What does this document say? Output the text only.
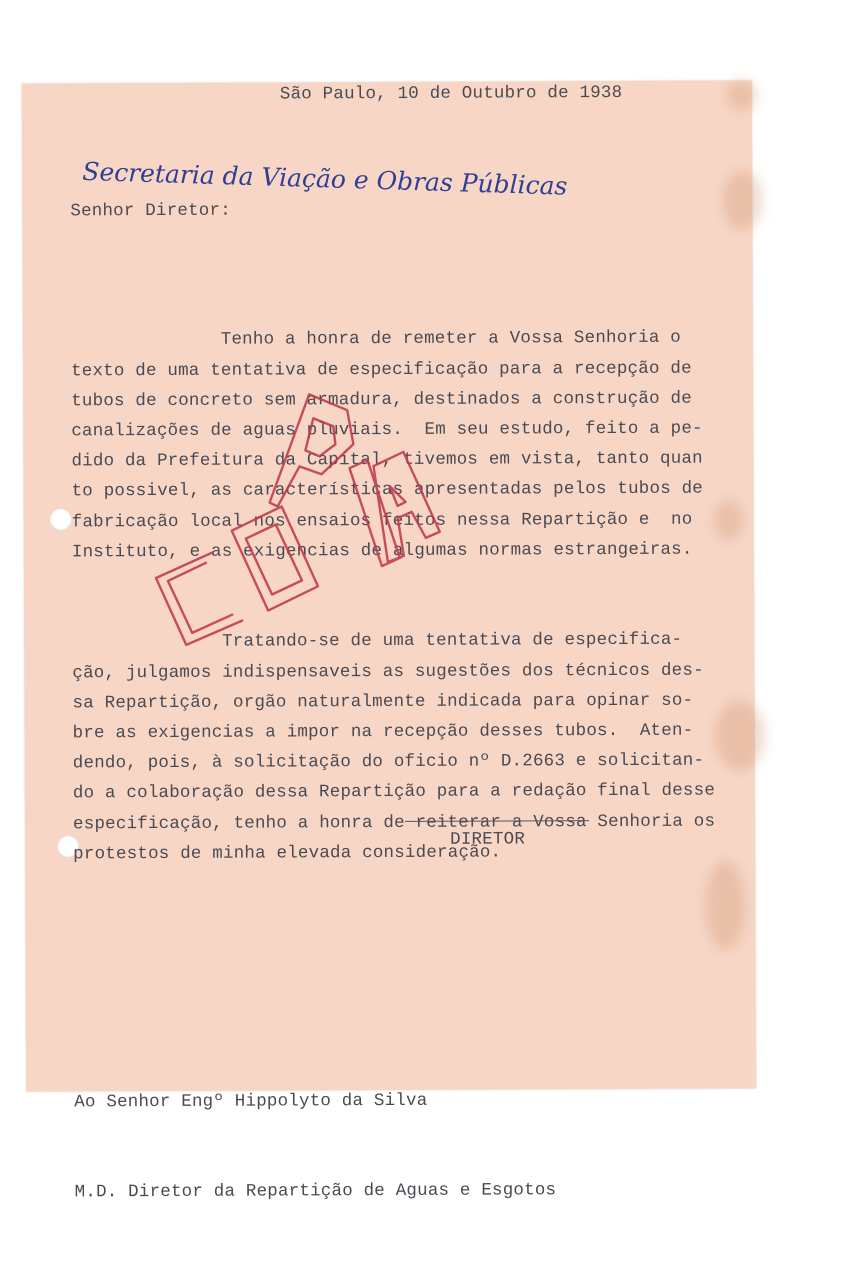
São Paulo, 10 de Outubro de 1938

Secretaria da Viação e Obras Públicas

Senhor Diretor:

Tenho a honra de remeter a Vossa Senhoria o
texto de uma tentativa de especificação para a recepção de
tubos de concreto sem armadura, destinados a construção de
canalizações de aguas pluviais.  Em seu estudo, feito a pe-
dido da Prefeitura da Capital, tivemos em vista, tanto quan
to possivel, as características apresentadas pelos tubos de
fabricação local nos ensaios feitos nessa Repartição e  no
Instituto, e as exigencias de algumas normas estrangeiras.

Tratando-se de uma tentativa de especifica-
ção, julgamos indispensaveis as sugestões dos técnicos des-
sa Repartição, orgão naturalmente indicada para opinar so-
bre as exigencias a impor na recepção desses tubos.  Aten-
dendo, pois, à solicitação do oficio nº D.2663 e solicitan-
do a colaboração dessa Repartição para a redação final desse
especificação, tenho a honra de reiterar a Vossa Senhoria os
protestos de minha elevada consideração.

DIRETOR

Ao Senhor Engº Hippolyto da Silva

M.D. Diretor da Repartição de Aguas e Esgotos
